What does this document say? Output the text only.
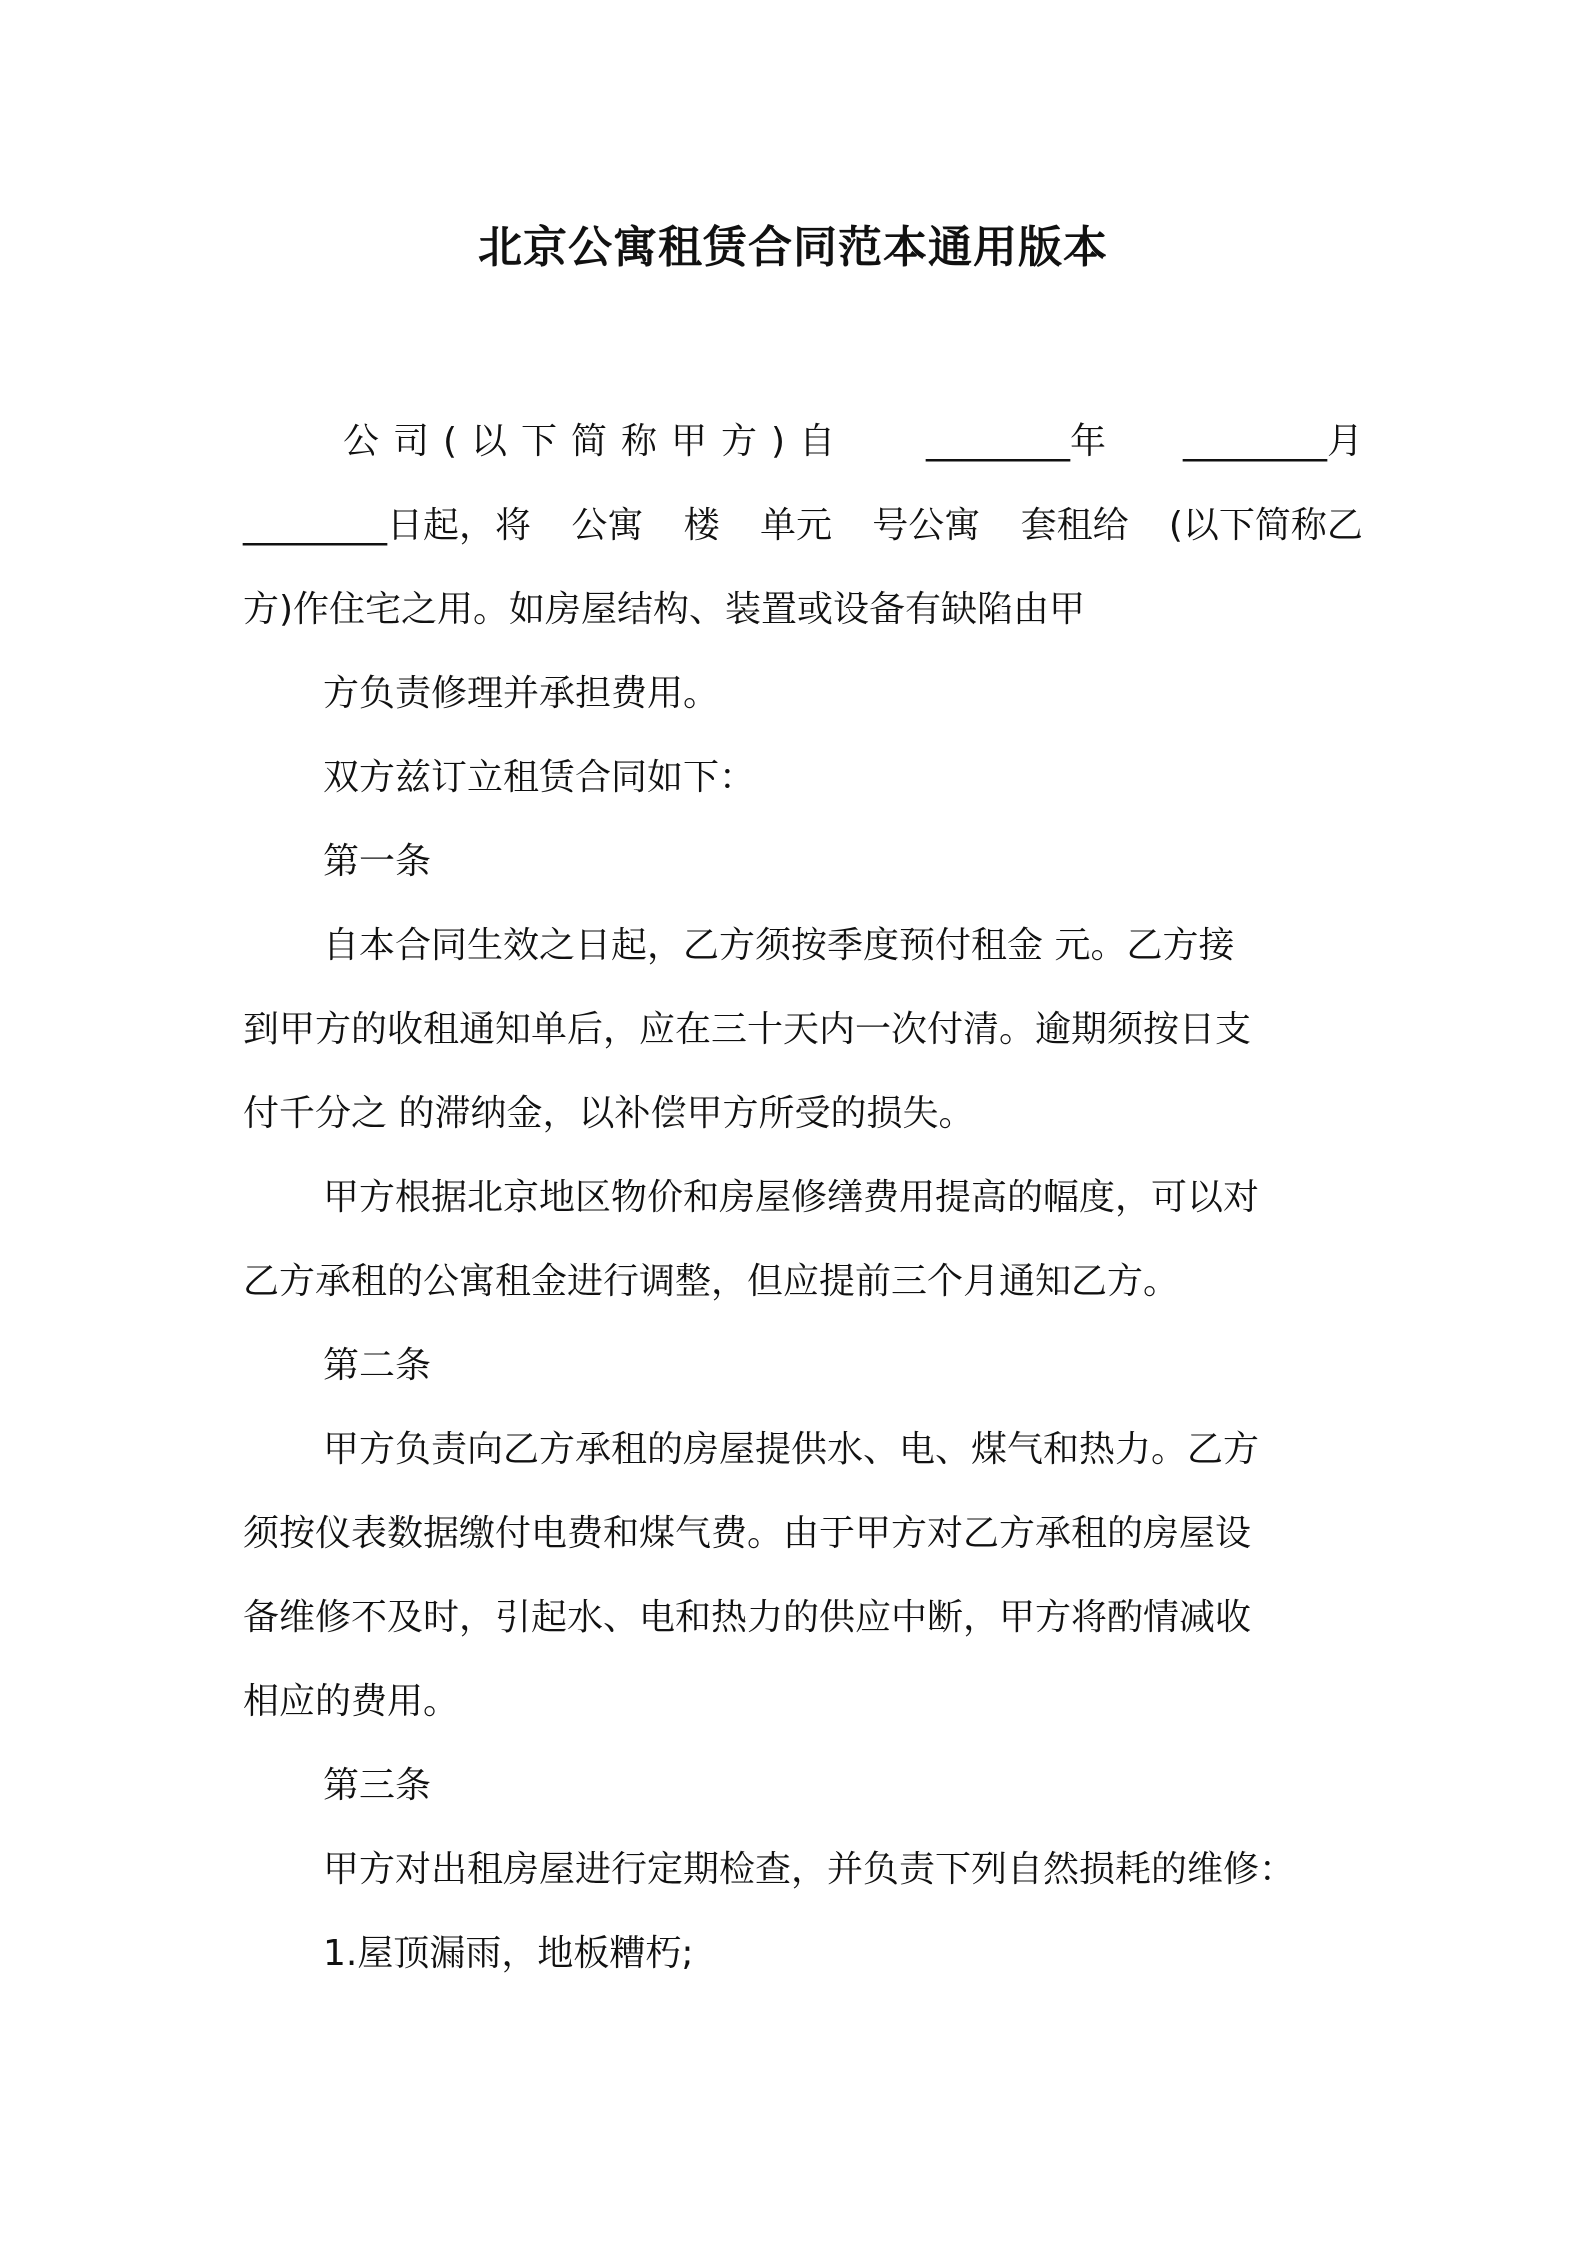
北京公寓租赁合同范本通用版本
公司(以下简称甲方)自 ________年 ________月
________日起，将 公寓 楼 单元 号公寓 套租给 (以下简称乙
方)作住宅之用。如房屋结构、装置或设备有缺陷由甲
方负责修理并承担费用。
双方兹订立租赁合同如下：
第一条
自本合同生效之日起，乙方须按季度预付租金 元。乙方接
到甲方的收租通知单后，应在三十天内一次付清。逾期须按日支
付千分之 的滞纳金，以补偿甲方所受的损失。
甲方根据北京地区物价和房屋修缮费用提高的幅度，可以对
乙方承租的公寓租金进行调整，但应提前三个月通知乙方。
第二条
甲方负责向乙方承租的房屋提供水、电、煤气和热力。乙方
须按仪表数据缴付电费和煤气费。由于甲方对乙方承租的房屋设
备维修不及时，引起水、电和热力的供应中断，甲方将酌情减收
相应的费用。
第三条
甲方对出租房屋进行定期检查，并负责下列自然损耗的维修：
1.屋顶漏雨，地板糟朽;
